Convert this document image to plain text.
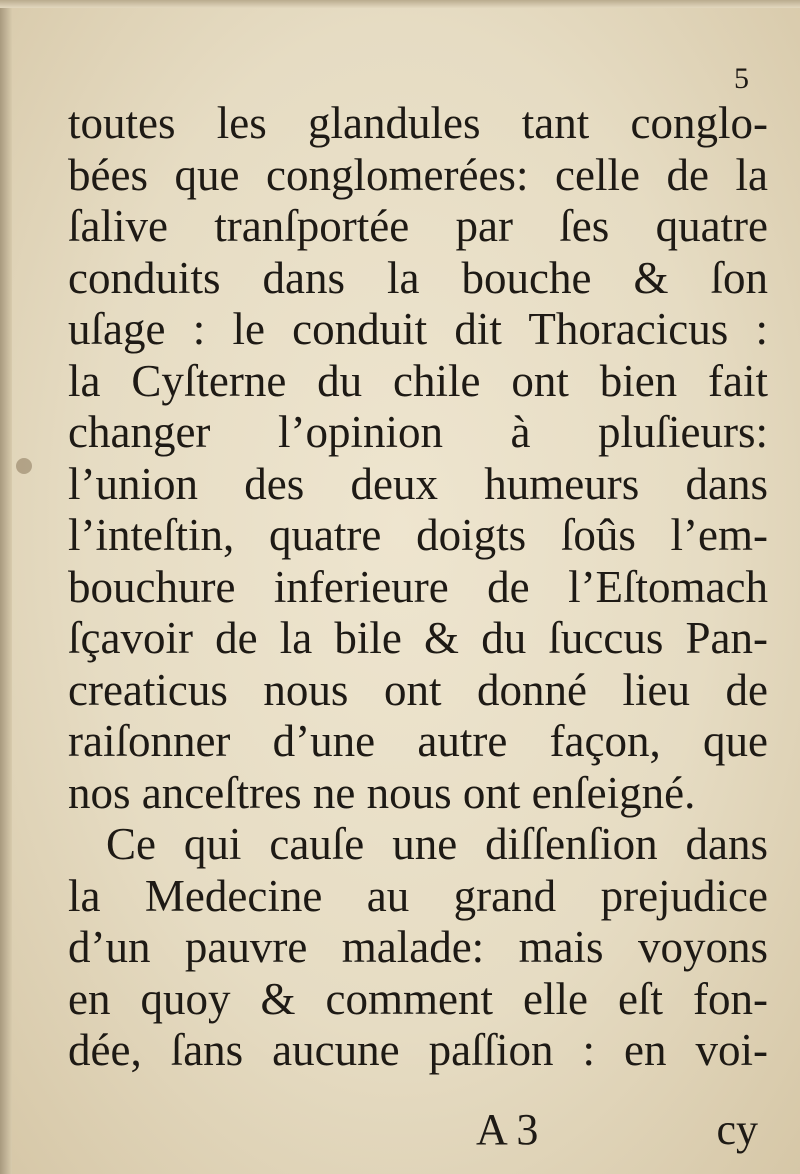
5
toutes les glandules tant conglo-
bées que conglomerées: celle de la
ſalive tranſportée par ſes quatre
conduits dans la bouche & ſon
uſage : le conduit dit Thoracicus :
la Cyſterne du chile ont bien fait
changer l’opinion à pluſieurs:
l’union des deux humeurs dans
l’inteſtin, quatre doigts ſoûs l’em-
bouchure inferieure de l’Eſtomach
ſçavoir de la bile & du ſuccus Pan-
creaticus nous ont donné lieu de
raiſonner d’une autre façon, que
nos anceſtres ne nous ont enſeigné.
Ce qui cauſe une diſſenſion dans
la Medecine au grand prejudice
d’un pauvre malade: mais voyons
en quoy & comment elle eſt fon-
dée, ſans aucune paſſion : en voi-
A 3	cy
